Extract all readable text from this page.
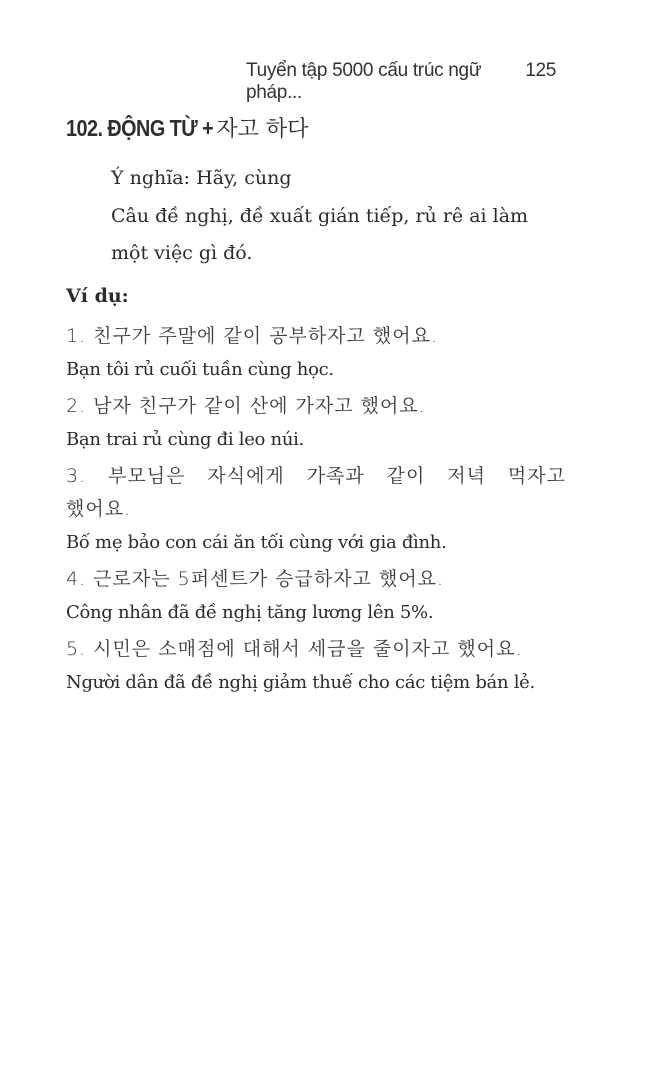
Tuyển tập 5000 cấu trúc ngữ pháp...
125
102. ĐỘNG TỪ + 자고 하다

Ý nghĩa: Hãy, cùng

Câu đề nghị, đề xuất gián tiếp, rủ rê ai làm một việc gì đó.

Ví dụ:

1. 친구가 주말에 같이 공부하자고 했어요.

Bạn tôi rủ cuối tuần cùng học.

2. 남자 친구가 같이 산에 가자고 했어요.

Bạn trai rủ cùng đi leo núi.

3. 부모님은 자식에게 가족과 같이 저녁 먹자고 했어요.

Bố mẹ bảo con cái ăn tối cùng với gia đình.

4. 근로자는 5퍼센트가 승급하자고 했어요.

Công nhân đã đề nghị tăng lương lên 5%.

5. 시민은 소매점에 대해서 세금을 줄이자고 했어요.

Người dân đã đề nghị giảm thuế cho các tiệm bán lẻ.
